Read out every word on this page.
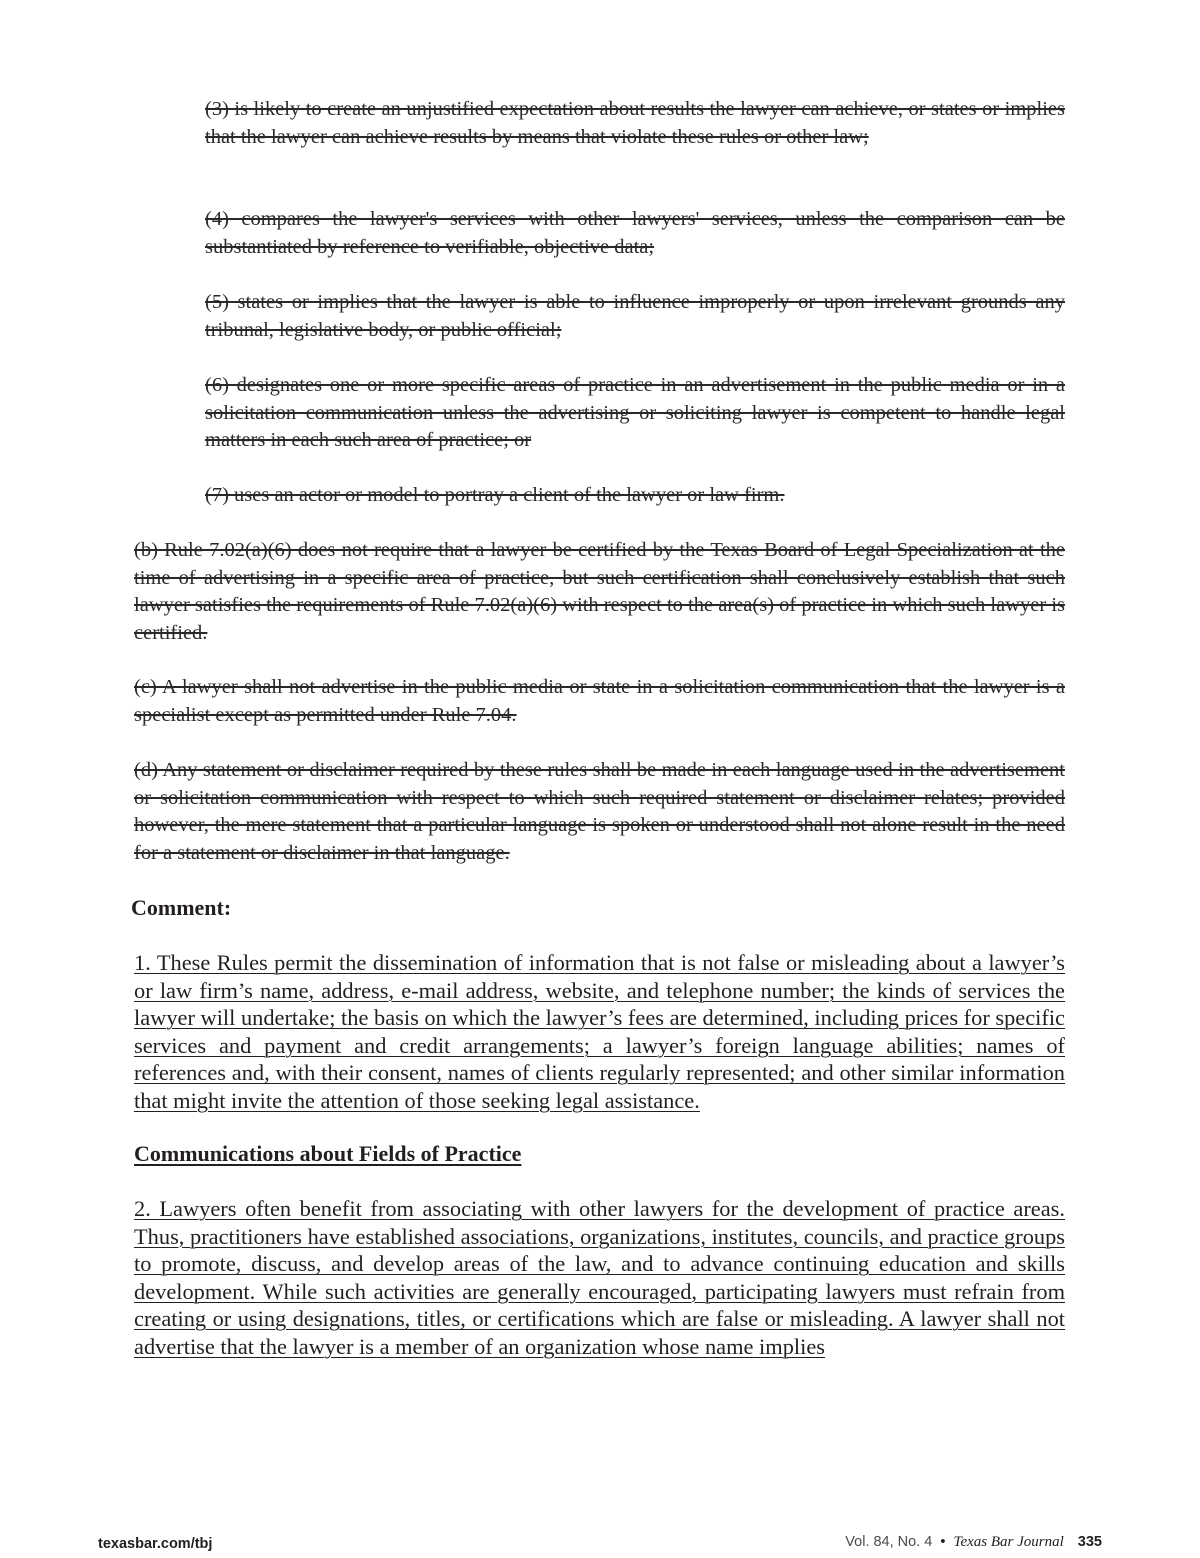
(3) is likely to create an unjustified expectation about results the lawyer can achieve, or states or implies that the lawyer can achieve results by means that violate these rules or other law;

(4) compares the lawyer's services with other lawyers' services, unless the comparison can be substantiated by reference to verifiable, objective data;

(5) states or implies that the lawyer is able to influence improperly or upon irrelevant grounds any tribunal, legislative body, or public official;

(6) designates one or more specific areas of practice in an advertisement in the public media or in a solicitation communication unless the advertising or soliciting lawyer is competent to handle legal matters in each such area of practice; or

(7) uses an actor or model to portray a client of the lawyer or law firm.

(b) Rule 7.02(a)(6) does not require that a lawyer be certified by the Texas Board of Legal Specialization at the time of advertising in a specific area of practice, but such certification shall conclusively establish that such lawyer satisfies the requirements of Rule 7.02(a)(6) with respect to the area(s) of practice in which such lawyer is certified.

(c) A lawyer shall not advertise in the public media or state in a solicitation communication that the lawyer is a specialist except as permitted under Rule 7.04.

(d) Any statement or disclaimer required by these rules shall be made in each language used in the advertisement or solicitation communication with respect to which such required statement or disclaimer relates; provided however, the mere statement that a particular language is spoken or understood shall not alone result in the need for a statement or disclaimer in that language.

Comment:

1. These Rules permit the dissemination of information that is not false or misleading about a lawyer’s or law firm’s name, address, e-mail address, website, and telephone number; the kinds of services the lawyer will undertake; the basis on which the lawyer’s fees are determined, including prices for specific services and payment and credit arrangements; a lawyer’s foreign language abilities; names of references and, with their consent, names of clients regularly represented; and other similar information that might invite the attention of those seeking legal assistance.

Communications about Fields of Practice

2. Lawyers often benefit from associating with other lawyers for the development of practice areas. Thus, practitioners have established associations, organizations, institutes, councils, and practice groups to promote, discuss, and develop areas of the law, and to advance continuing education and skills development. While such activities are generally encouraged, participating lawyers must refrain from creating or using designations, titles, or certifications which are false or misleading. A lawyer shall not advertise that the lawyer is a member of an organization whose name implies

texasbar.com/tbj	Vol. 84, No. 4 • Texas Bar Journal 335
